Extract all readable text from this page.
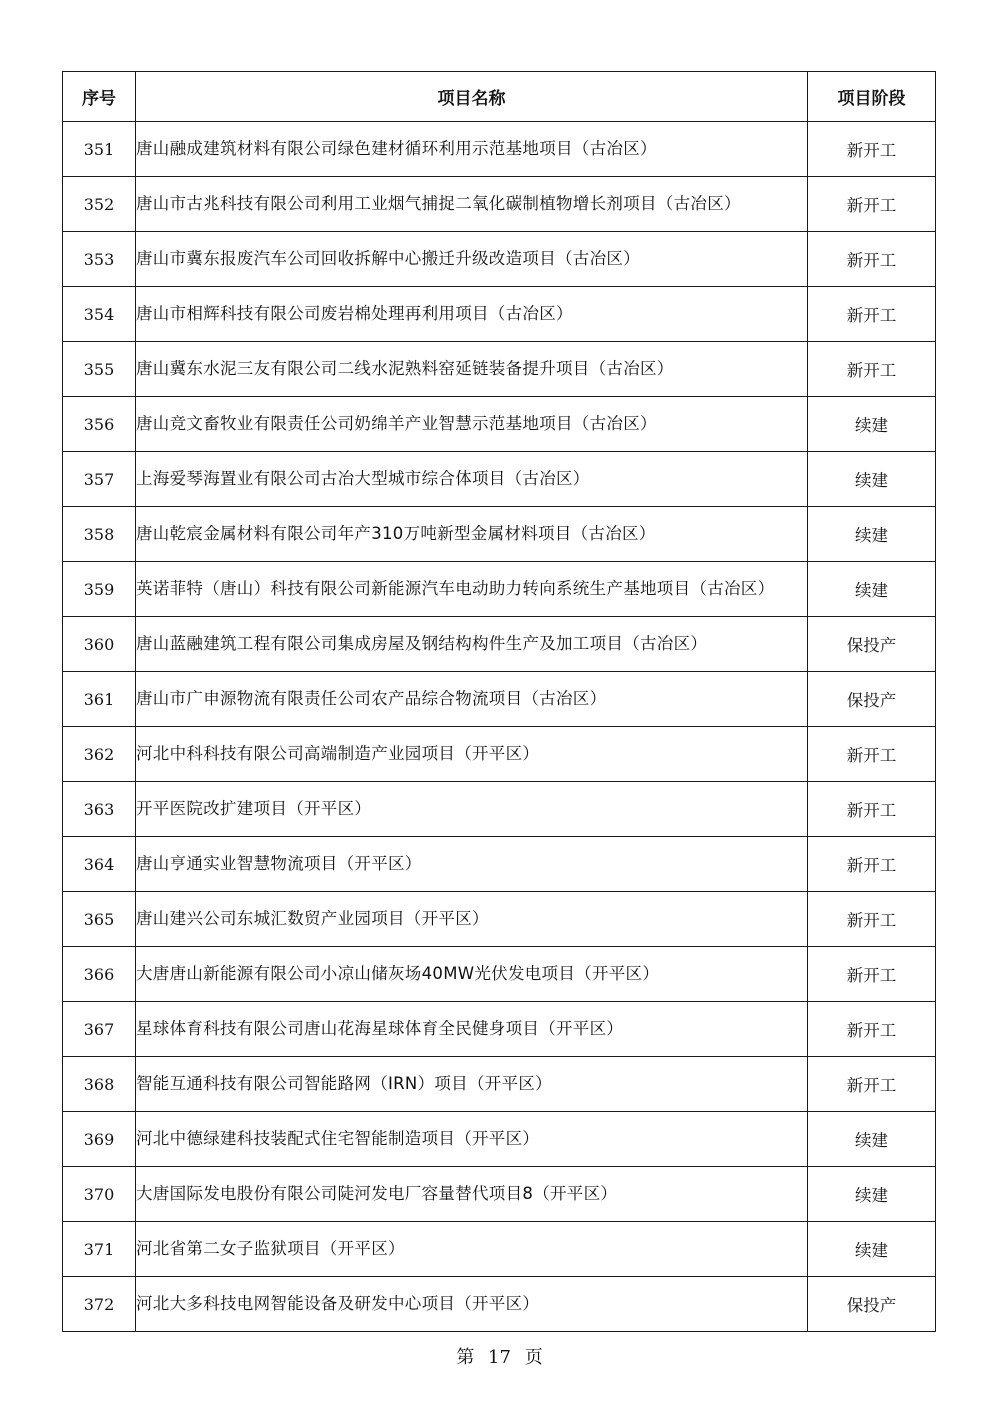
序号	项目名称	项目阶段
351	唐山融成建筑材料有限公司绿色建材循环利用示范基地项目（古冶区）	新开工
352	唐山市古兆科技有限公司利用工业烟气捕捉二氧化碳制植物增长剂项目（古冶区）	新开工
353	唐山市冀东报废汽车公司回收拆解中心搬迁升级改造项目（古冶区）	新开工
354	唐山市相辉科技有限公司废岩棉处理再利用项目（古冶区）	新开工
355	唐山冀东水泥三友有限公司二线水泥熟料窑延链装备提升项目（古冶区）	新开工
356	唐山竞文畜牧业有限责任公司奶绵羊产业智慧示范基地项目（古冶区）	续建
357	上海爱琴海置业有限公司古冶大型城市综合体项目（古冶区）	续建
358	唐山乾宸金属材料有限公司年产310万吨新型金属材料项目（古冶区）	续建
359	英诺菲特（唐山）科技有限公司新能源汽车电动助力转向系统生产基地项目（古冶区）	续建
360	唐山蓝融建筑工程有限公司集成房屋及钢结构构件生产及加工项目（古冶区）	保投产
361	唐山市广申源物流有限责任公司农产品综合物流项目（古冶区）	保投产
362	河北中科科技有限公司高端制造产业园项目（开平区）	新开工
363	开平医院改扩建项目（开平区）	新开工
364	唐山亨通实业智慧物流项目（开平区）	新开工
365	唐山建兴公司东城汇数贸产业园项目（开平区）	新开工
366	大唐唐山新能源有限公司小凉山储灰场40MW光伏发电项目（开平区）	新开工
367	星球体育科技有限公司唐山花海星球体育全民健身项目（开平区）	新开工
368	智能互通科技有限公司智能路网（IRN）项目（开平区）	新开工
369	河北中德绿建科技装配式住宅智能制造项目（开平区）	续建
370	大唐国际发电股份有限公司陡河发电厂容量替代项目8（开平区）	续建
371	河北省第二女子监狱项目（开平区）	续建
372	河北大多科技电网智能设备及研发中心项目（开平区）	保投产
第 17 页
